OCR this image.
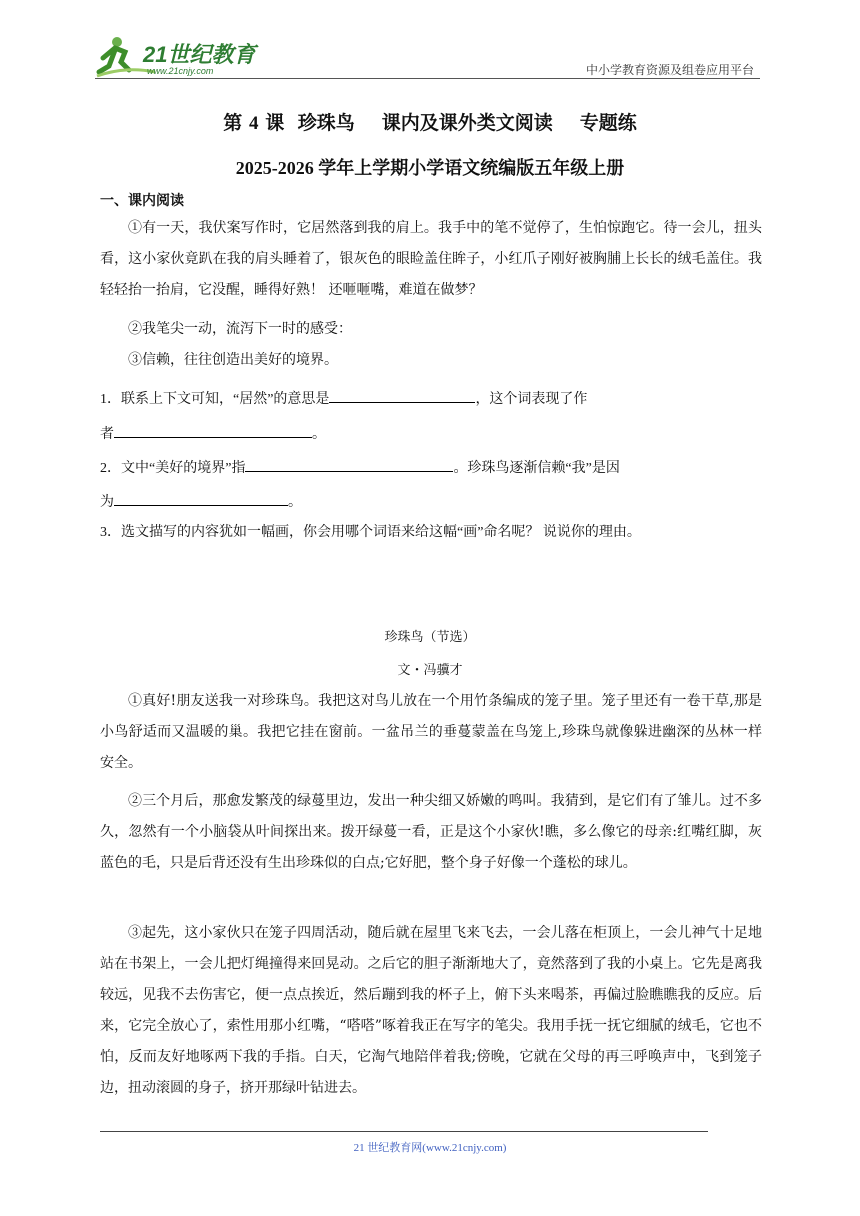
21世纪教育
www.21cnjy.com	中小学教育资源及组卷应用平台
第 4 课  珍珠鸟    课内及课外类文阅读    专题练
2025-2026 学年上学期小学语文统编版五年级上册
一、课内阅读
①有一天，我伏案写作时，它居然落到我的肩上。我手中的笔不觉停了，生怕惊跑它。待一会儿，扭头看，这小家伙竟趴在我的肩头睡着了，银灰色的眼睑盖住眸子，小红爪子刚好被胸脯上长长的绒毛盖住。我轻轻抬一抬肩，它没醒，睡得好熟！ 还咂咂嘴，难道在做梦？
②我笔尖一动，流泻下一时的感受：
③信赖，往往创造出美好的境界。
1．联系上下文可知，“居然”的意思是	，这个词表现了作
者	。
2．文中“美好的境界”指	。珍珠鸟逐渐信赖“我”是因
为	。
3．选文描写的内容犹如一幅画，你会用哪个词语来给这幅“画”命名呢？ 说说你的理由。
珍珠鸟（节选）
文・冯骥才
①真好!朋友送我一对珍珠鸟。我把这对鸟儿放在一个用竹条编成的笼子里。笼子里还有一卷干草,那是小鸟舒适而又温暖的巢。我把它挂在窗前。一盆吊兰的垂蔓蒙盖在鸟笼上,珍珠鸟就像躲进幽深的丛林一样安全。
②三个月后，那愈发繁茂的绿蔓里边，发出一种尖细又娇嫩的鸣叫。我猜到，是它们有了雏儿。过不多久，忽然有一个小脑袋从叶间探出来。拨开绿蔓一看，正是这个小家伙!瞧，多么像它的母亲:红嘴红脚，灰蓝色的毛，只是后背还没有生出珍珠似的白点;它好肥，整个身子好像一个蓬松的球儿。
③起先，这小家伙只在笼子四周活动，随后就在屋里飞来飞去，一会儿落在柜顶上，一会儿神气十足地站在书架上，一会儿把灯绳撞得来回晃动。之后它的胆子渐渐地大了，竟然落到了我的小桌上。它先是离我较远，见我不去伤害它，便一点点挨近，然后蹦到我的杯子上，俯下头来喝茶，再偏过脸瞧瞧我的反应。后来，它完全放心了，索性用那小红嘴，“嗒嗒”啄着我正在写字的笔尖。我用手抚一抚它细腻的绒毛，它也不怕，反而友好地啄两下我的手指。白天，它淘气地陪伴着我;傍晚，它就在父母的再三呼唤声中，飞到笼子边，扭动滚圆的身子，挤开那绿叶钻进去。
21 世纪教育网(www.21cnjy.com)
